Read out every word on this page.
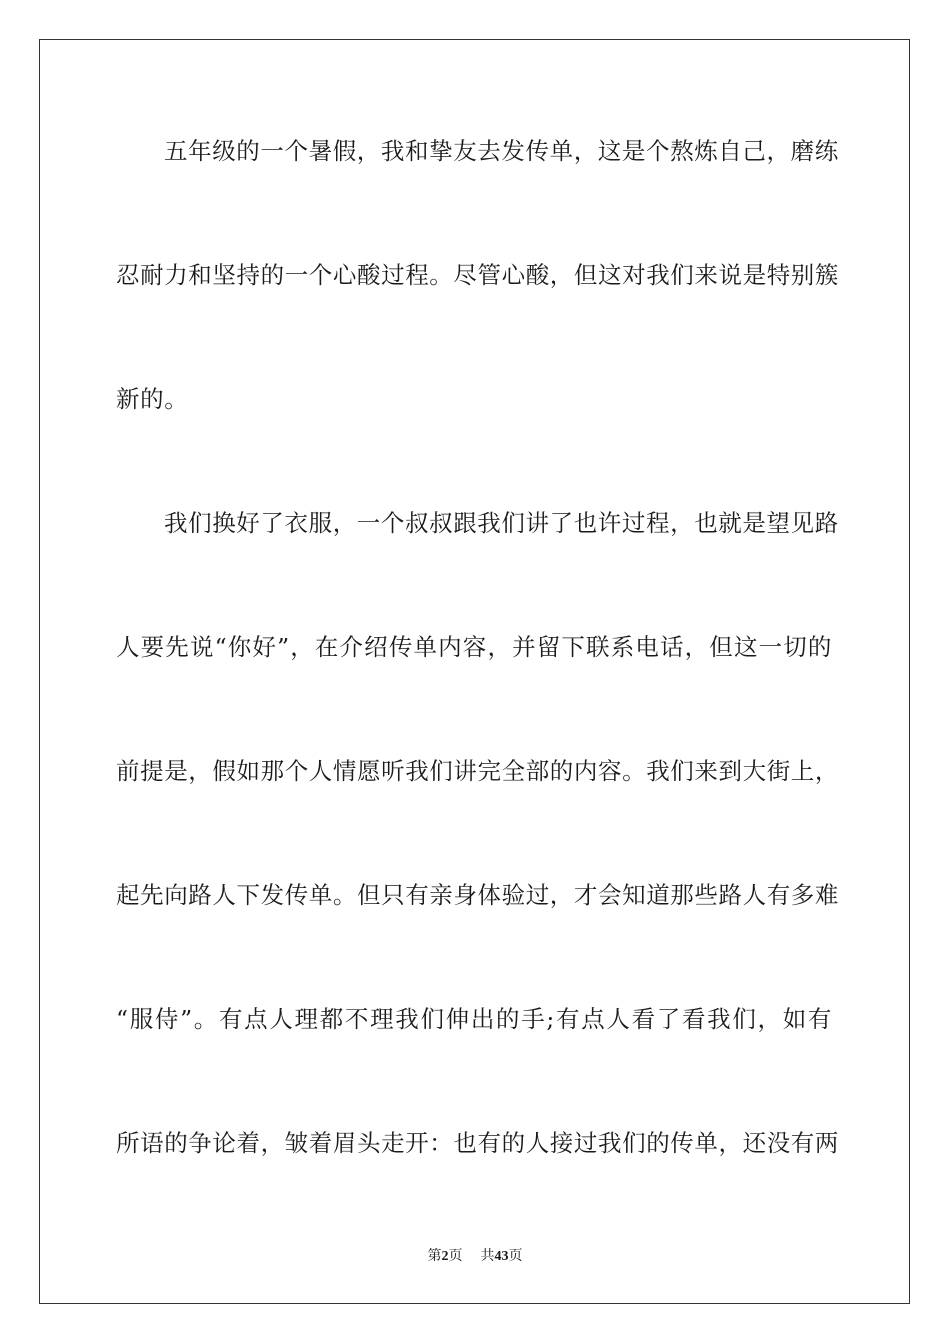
五年级的一个暑假，我和挚友去发传单，这是个熬炼自己，磨练
忍耐力和坚持的一个心酸过程。尽管心酸，但这对我们来说是特别簇
新的。
我们换好了衣服，一个叔叔跟我们讲了也许过程，也就是望见路
人要先说“你好”，在介绍传单内容，并留下联系电话，但这一切的
前提是，假如那个人情愿听我们讲完全部的内容。我们来到大街上，
起先向路人下发传单。但只有亲身体验过，才会知道那些路人有多难
“服侍”。有点人理都不理我们伸出的手;有点人看了看我们，如有
所语的争论着，皱着眉头走开：也有的人接过我们的传单，还没有两
第2页 共43页
